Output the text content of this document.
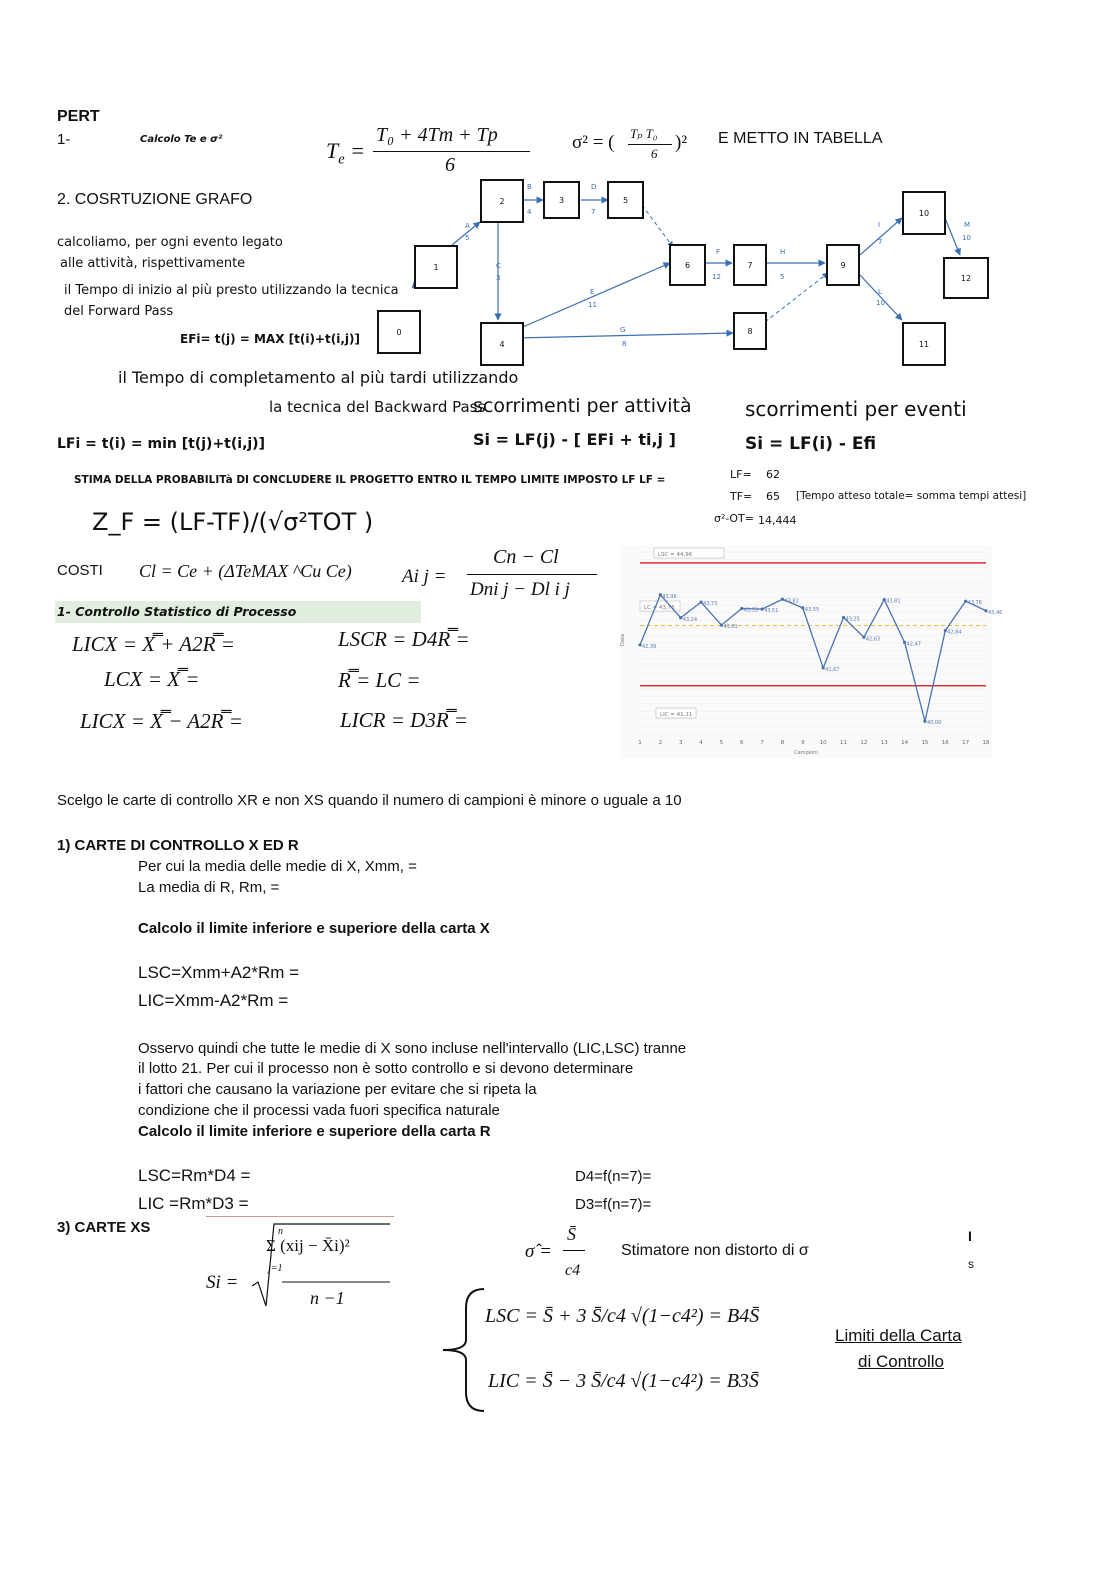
PERT
1-	Calcolo Te e σ²	$T_e$ =
T₀ + 4Tm + Tp
6
σ² = ( Tₚ T₀
6
)² E METTO IN TABELLA
2. COSRTUZIONE GRAFO
calcoliamo, per ogni evento legato
alle attività, rispettivamente
il Tempo di inizio al più presto utilizzando la tecnica
del Forward Pass
EFi= t(j) = MAX [t(i)+t(i,j)]
il Tempo di completamento al più tardi utilizzando
la tecnica del Backward Pass
scorrimenti per attività	scorrimenti per eventi
LFi = t(i) = min [t(j)+t(i,j)]	Si = LF(j) - [ EFi + ti,j ]	Si = LF(i) - Efi
STIMA DELLA PROBABILITà DI CONCLUDERE IL PROGETTO ENTRO IL TEMPO LIMITE IMPOSTO LF LF =	LF= 62
TF= 65 [Tempo atteso totale= somma tempi attesi]
σ²-OT= 14,444
Z_F = (LF-TF)/(√σ²TOT )
A
5
B
4
D
7
C
3
E
11
F
12
H
5
G
8
I
7
L
10
M
10
0
1
2	3	5
4
6	7
8
9
10
11
12
COSTI Cl = Ce + (ΔTeMAX ^Cu Ce)	Ai j =
Cn − Cl
Dni j − Dl i j
1- Controllo Statistico di Processo
LICX = X̿ + A2R̿ =
LCX = X̿ =
LICX = X̿ − A2R̿ =
LSCR = D4R̿ =
R̿ = LC =
LICR = D3R̿ =
LSC = 44,96
LC = 43,76
LIC = 41,11
42,39
43,96
43,24
43,73
43,01
43,53 43,51
43,82
43,55
41,67
43,25
42,63
43,81
42,47
40,00
42,84
43,76
43,46
1	2	3	4	5	6	7	8	9	10 11 12 13 14 15 16 17 18
Data
Campioni
Scelgo le carte di controllo XR e non XS quando il numero di campioni è minore o uguale a 10
1) CARTE DI CONTROLLO X ED R
Per cui la media delle medie di X, Xmm, =
La media di R, Rm, =
Calcolo il limite inferiore e superiore della carta X
LSC=Xmm+A2*Rm =
LIC=Xmm-A2*Rm =
Osservo quindi che tutte le medie di X sono incluse nell'intervallo (LIC,LSC) tranne
il lotto 21. Per cui il processo non è sotto controllo e si devono determinare
i fattori che causano la variazione per evitare che si ripeta la
condizione che il processi vada fuori specifica naturale
Calcolo il limite inferiore e superiore della carta R
LSC=Rm*D4 =
LIC =Rm*D3 =
D4=f(n=7)=
D3=f(n=7)=
3) CARTE XS
Si =
n
Σ (xij − X̄i)²
j=1
n −1
σ̂ =
S̄
c4
Stimatore non distorto di σ
I
s
LSC = S̄ + 3 S̄/c4 √(1−c4²) = B4S̄
LIC = S̄ − 3 S̄/c4 √(1−c4²) = B3S̄
Limiti della Carta
di Controllo
